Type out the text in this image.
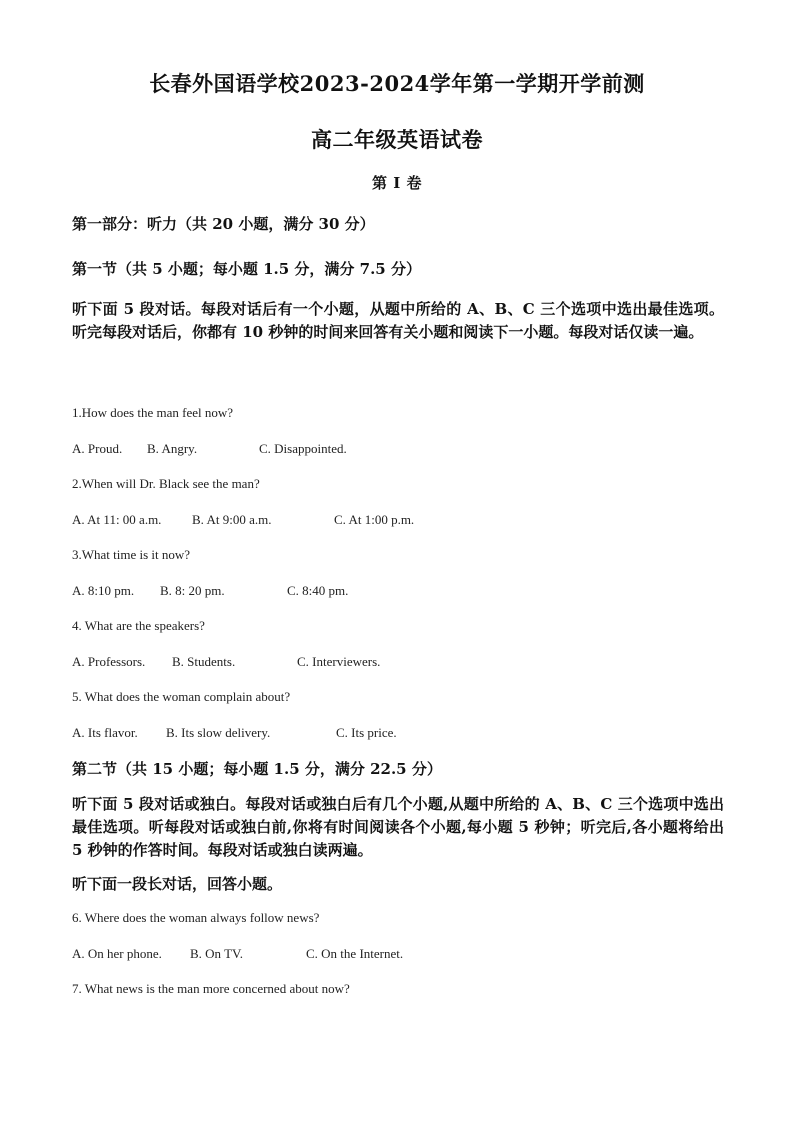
长春外国语学校2023-2024学年第一学期开学前测
高二年级英语试卷
第 I 卷
第一部分：听力（共 20 小题，满分 30 分）
第一节（共 5 小题；每小题 1.5 分，满分 7.5 分）
听下面 5 段对话。每段对话后有一个小题，从题中所给的 A、B、C 三个选项中选出最佳选项。听完每段对话后，你都有 10 秒钟的时间来回答有关小题和阅读下一小题。每段对话仅读一遍。
1.How does the man feel now?
A. Proud. B. Angry.	C. Disappointed.
2.When will Dr. Black see the man?
A. At 11: 00 a.m. B. At 9:00 a.m.	C. At 1:00 p.m.
3.What time is it now?
A. 8:10 pm. B. 8: 20 pm.	C. 8:40 pm.
4. What are the speakers?
A. Professors. B. Students.	C. Interviewers.
5. What does the woman complain about?
A. Its flavor. B. Its slow delivery.	C. Its price.
第二节（共 15 小题；每小题 1.5 分，满分 22.5 分）
听下面 5 段对话或独白。每段对话或独白后有几个小题,从题中所给的 A、B、C 三个选项中选出最佳选项。听每段对话或独白前,你将有时间阅读各个小题,每小题 5 秒钟；听完后,各小题将给出 5 秒钟的作答时间。每段对话或独白读两遍。
听下面一段长对话，回答小题。
6. Where does the woman always follow news?
A. On her phone. B. On TV.	C. On the Internet.
7. What news is the man more concerned about now?
